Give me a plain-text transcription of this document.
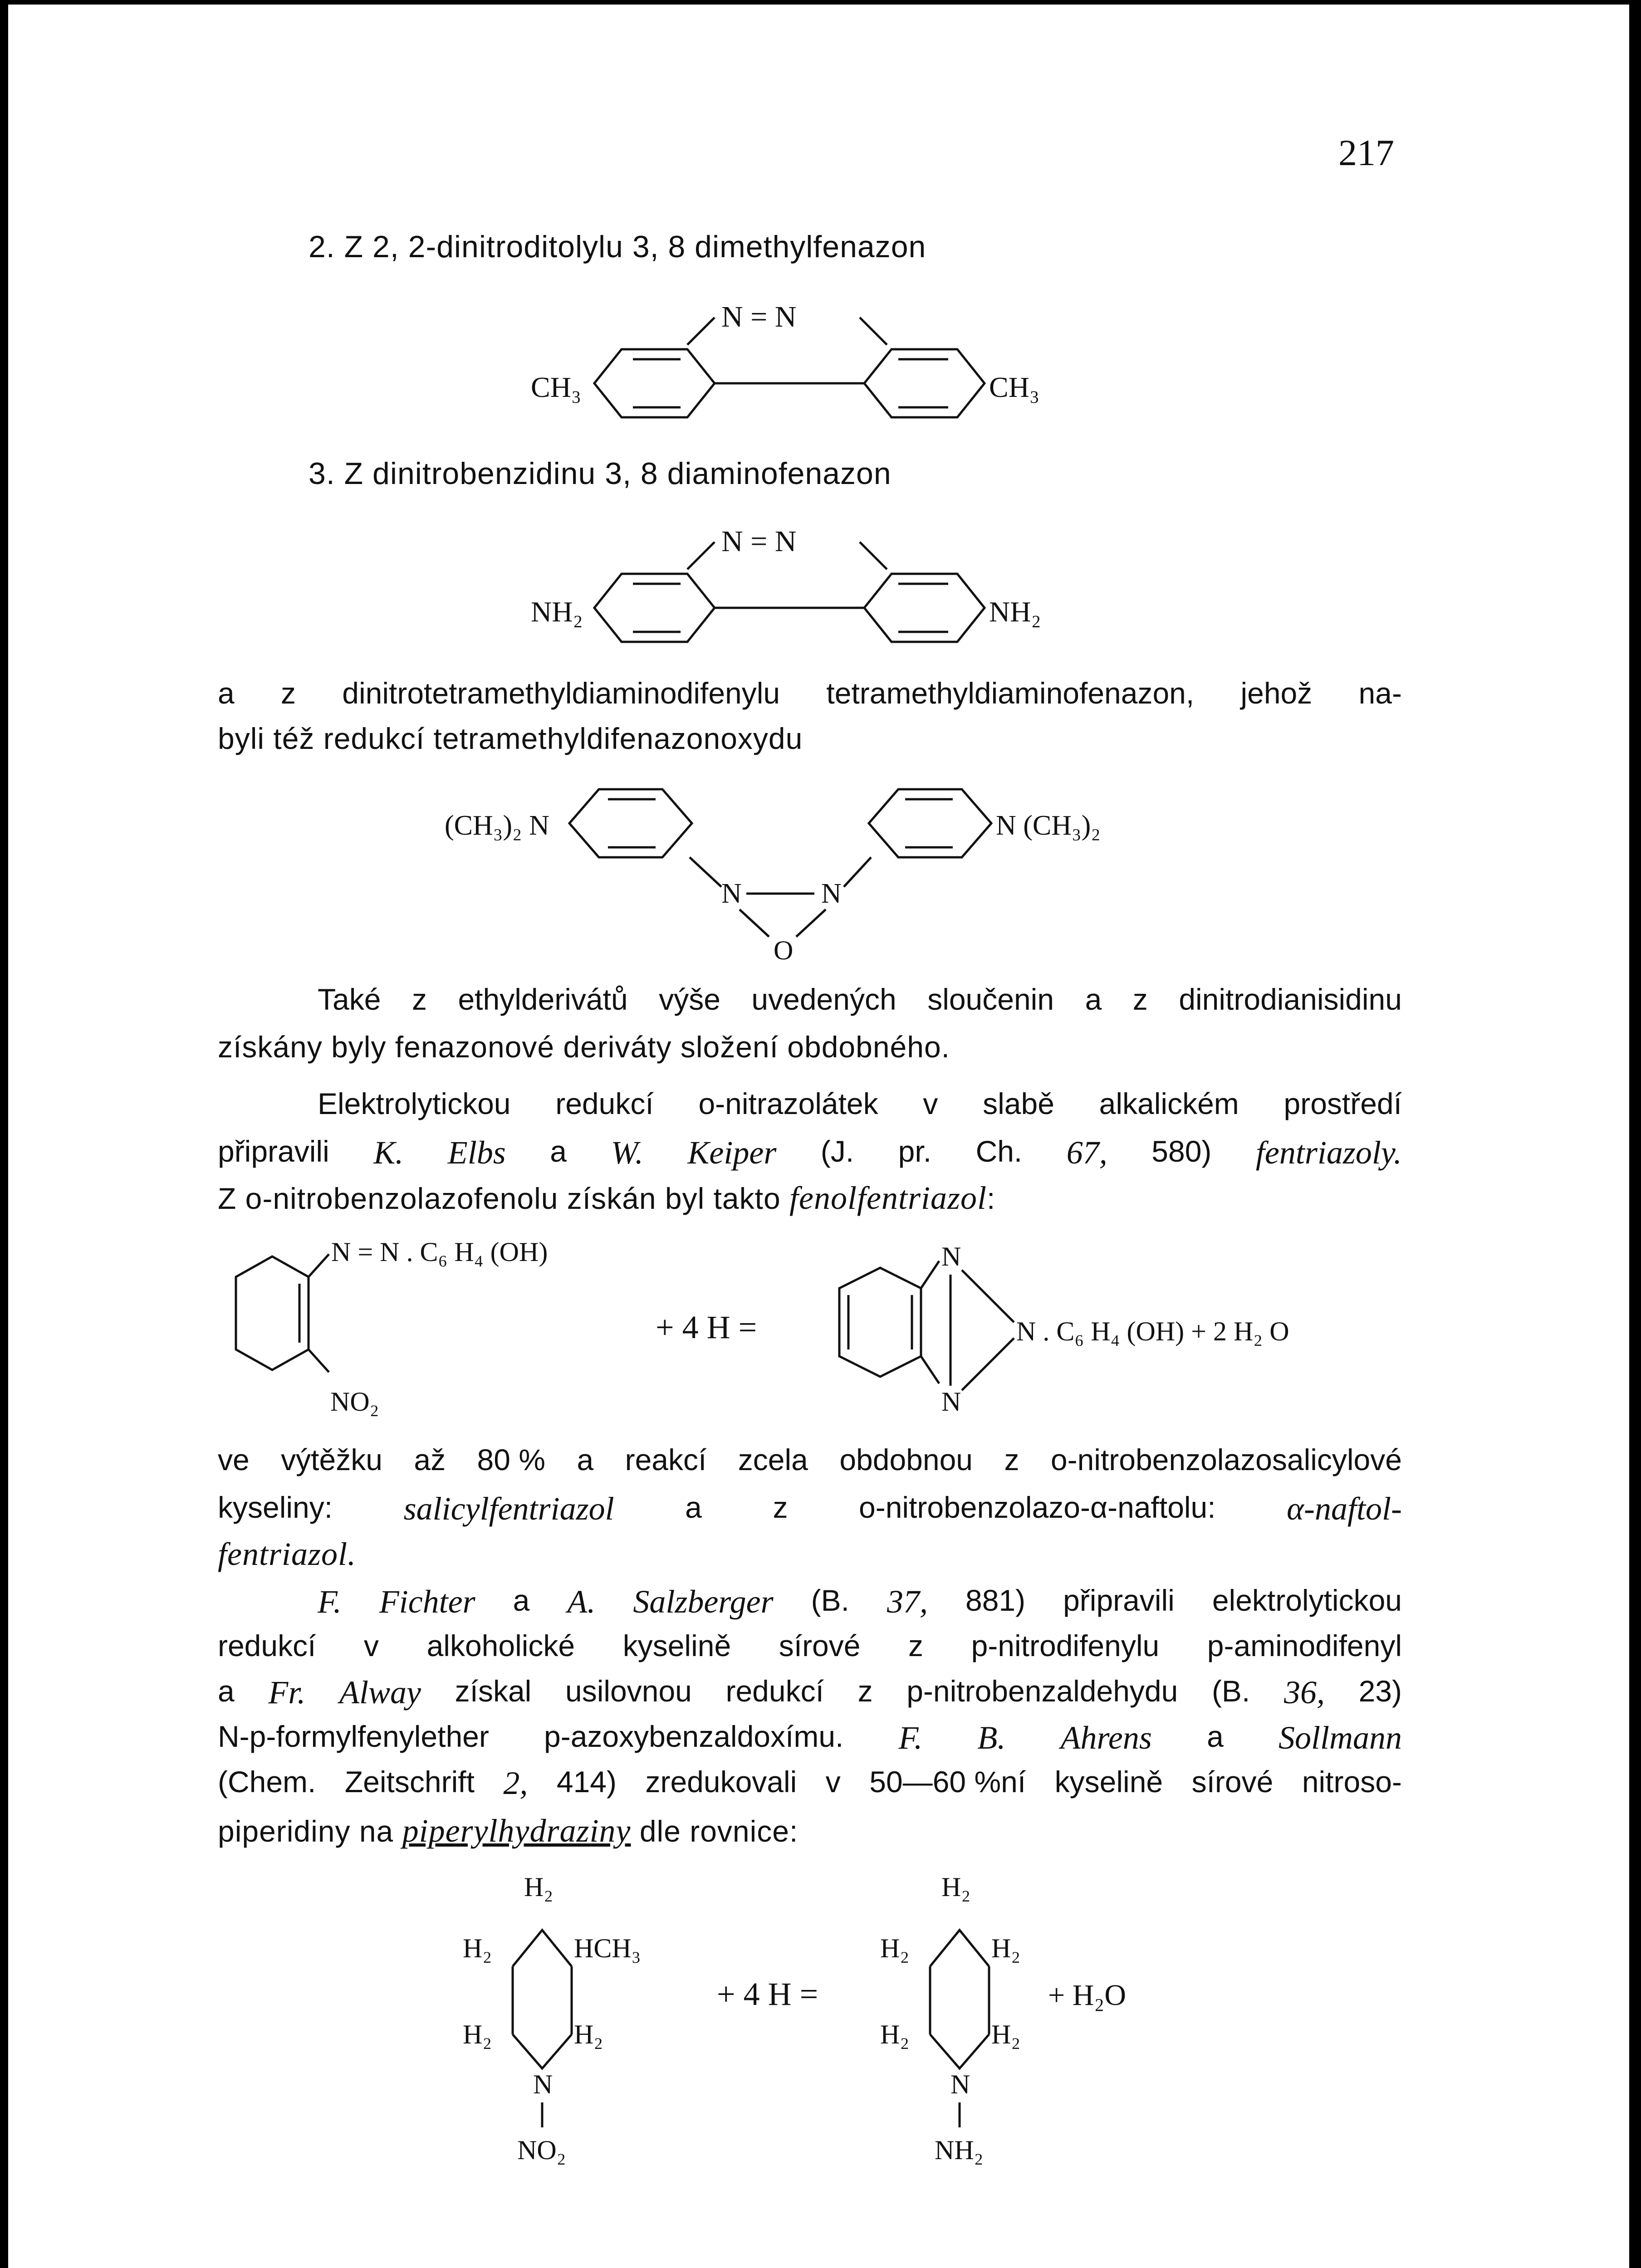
217
2. Z 2, 2-dinitroditolylu 3, 8 dimethylfenazon
N = N
CH₃	CH₃
3. Z dinitrobenzidinu 3, 8 diaminofenazon
N = N
NH₂	NH₂
a z dinitrotetramethyldiaminodifenylu tetramethyldiaminofenazon, jehož na-
byli též redukcí tetramethyldifenazonoxydu
(CH₃)₂ N	N (CH₃)₂
N	N
O
Také z ethylderivátů výše uvedených sloučenin a z dinitrodianisidinu
získány byly fenazonové deriváty složení obdobného.
Elektrolytickou redukcí o-nitrazolátek v slabě alkalickém prostředí
připravili K. Elbs a W. Keiper (J. pr. Ch. 67, 580) fentriazoly.
Z o-nitrobenzolazofenolu získán byl takto fenolfentriazol:
N = N . C₆ H₄ (OH)
NO₂
+ 4 H =
N
N
N . C₆ H₄ (OH) + 2 H₂ O
ve výtěžku až 80 % a reakcí zcela obdobnou z o-nitrobenzolazosalicylové
kyseliny: salicylfentriazol a z o-nitrobenzolazo-α-naftolu: α-naftol-
fentriazol.
F. Fichter a A. Salzberger (B. 37, 881) připravili elektrolytickou
redukcí v alkoholické kyselině sírové z p-nitrodifenylu p-aminodifenyl
a Fr. Alway získal usilovnou redukcí z p-nitrobenzaldehydu (B. 36, 23)
N-p-formylfenylether p-azoxybenzaldoxímu. F. B. Ahrens a Sollmann
(Chem. Zeitschrift 2, 414) zredukovali v 50—60 %ní kyselině sírové nitroso-
piperidiny na piperylhydraziny dle rovnice:
H₂
H₂	HCH₃
H₂	H₂
N
NO₂
+ 4 H =
H₂
H₂	H₂
H₂	H₂
N
NH₂
+ H₂O
